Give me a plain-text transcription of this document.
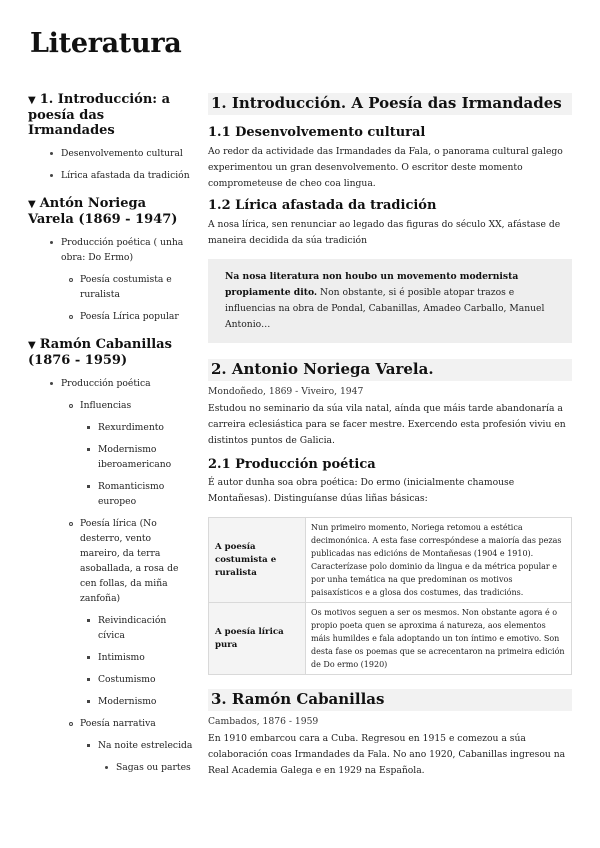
Literatura
▼ 1. Introducción: a poesía das Irmandades
Desenvolvemento cultural
Lírica afastada da tradición
▼ Antón Noriega Varela (1869 - 1947)
Producción poética ( unha obra: Do Ermo)
Poesía costumista e ruralista
Poesía Lírica popular
▼ Ramón Cabanillas (1876 - 1959)
Producción poética
Influencias
Rexurdimento
Modernismo iberoamericano
Romanticismo europeo
Poesía lírica (No desterro, vento mareiro, da terra asoballada, a rosa de cen follas, da miña zanfoña)
Reivindicación cívica
Intimismo
Costumismo
Modernismo
Poesía narrativa
Na noite estrelecida
Sagas ou partes
1. Introducción. A Poesía das Irmandades
1.1 Desenvolvemento cultural

Ao redor da actividade das Irmandades da Fala, o panorama cultural galego experimentou un gran desenvolvemento. O escritor deste momento comprometeuse de cheo coa lingua.

1.2 Lírica afastada da tradición

A nosa lírica, sen renunciar ao legado das figuras do século XX, afástase de maneira decidida da súa tradición

Na nosa literatura non houbo un movemento modernista propiamente dito. Non obstante, si é posible atopar trazos e influencias na obra de Pondal, Cabanillas, Amadeo Carballo, Manuel Antonio…
2. Antonio Noriega Varela.

Mondoñedo, 1869 - Viveiro, 1947

Estudou no seminario da súa vila natal, aínda que máis tarde abandonaría a carreira eclesiástica para se facer mestre. Exercendo esta profesión viviu en distintos puntos de Galicia.

2.1 Producción poética

É autor dunha soa obra poética: Do ermo (inicialmente chamouse Montañesas). Distinguíanse dúas liñas básicas:

A poesía costumista e ruralista	Nun primeiro momento, Noriega retomou a estética decimonónica. A esta fase correspóndese a maioría das pezas publicadas nas edicións de Montañesas (1904 e 1910). Caracterízase polo dominio da lingua e da métrica popular e por unha temática na que predominan os motivos paisaxísticos e a glosa dos costumes, das tradicións.
A poesía lírica pura	Os motivos seguen a ser os mesmos. Non obstante agora é o propio poeta quen se aproxima á natureza, aos elementos máis humildes e fala adoptando un ton íntimo e emotivo. Son desta fase os poemas que se acrecentaron na primeira edición de Do ermo (1920)
3. Ramón Cabanillas

Cambados, 1876 - 1959

En 1910 embarcou cara a Cuba. Regresou en 1915 e comezou a súa colaboración coas Irmandades da Fala. No ano 1920, Cabanillas ingresou na Real Academia Galega e en 1929 na Española.
